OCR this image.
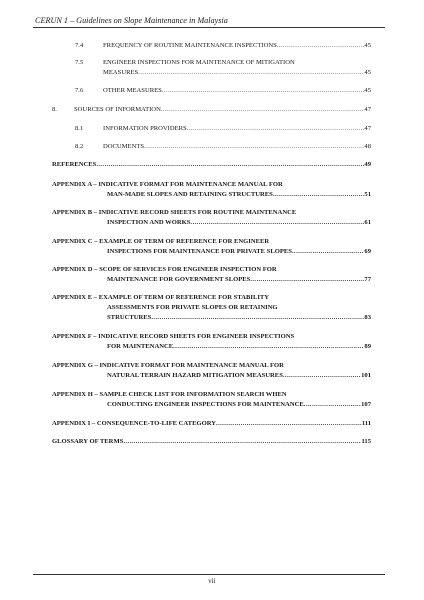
CERUN 1 – Guidelines on Slope Maintenance in Malaysia
7.4	FREQUENCY OF ROUTINE MAINTENANCE INSPECTIONS .....	45
7.5	ENGINEER INSPECTIONS FOR MAINTENANCE OF MITIGATION
MEASURES .....	45
7.6	OTHER MEASURES .....	45
8.	SOURCES OF INFORMATION .....	47
8.1	INFORMATION PROVIDERS .....	47
8.2	DOCUMENTS .....	48
REFERENCES .....	49
APPENDIX A – INDICATIVE FORMAT FOR MAINTENANCE MANUAL FOR
MAN-MADE SLOPES AND RETAINING STRUCTURES .....	51
APPENDIX B – INDICATIVE RECORD SHEETS FOR ROUTINE MAINTENANCE
INSPECTION AND WORKS .....	61
APPENDIX C – EXAMPLE OF TERM OF REFERENCE FOR ENGINEER
INSPECTIONS FOR MAINTENANCE FOR PRIVATE SLOPES .....	69
APPENDIX D – SCOPE OF SERVICES FOR ENGINEER INSPECTION FOR
MAINTENANCE FOR GOVERNMENT SLOPES .....	77
APPENDIX E – EXAMPLE OF TERM OF REFERENCE FOR STABILITY
ASSESSMENTS FOR PRIVATE SLOPES OR RETAINING
STRUCTURES .....	83
APPENDIX F – INDICATIVE RECORD SHEETS FOR ENGINEER INSPECTIONS
FOR MAINTENANCE .....	89
APPENDIX G – INDICATIVE FORMAT FOR MAINTENANCE MANUAL FOR
NATURAL TERRAIN HAZARD MITIGATION MEASURES .....	101
APPENDIX H – SAMPLE CHECK LIST FOR INFORMATION SEARCH WHEN
CONDUCTING ENGINEER INSPECTIONS FOR MAINTENANCE .....	107
APPENDIX I – CONSEQUENCE-TO-LIFE CATEGORY .....	111
GLOSSARY OF TERMS .....	115
vii
